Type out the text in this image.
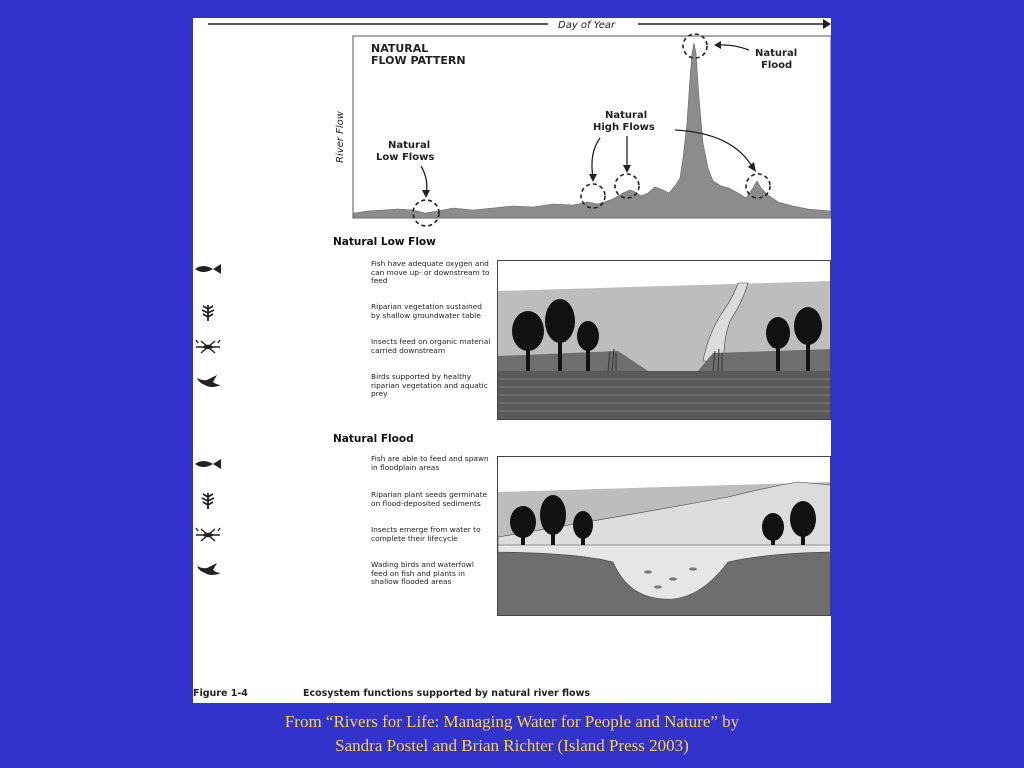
Day of Year
River Flow
NATURAL
FLOW PATTERN
Natural
Flood
Natural
High Flows
Natural
Low Flows
Natural Low Flow
Fish have adequate oxygen and can move up- or downstream to feed
Riparian vegetation sustained by shallow groundwater table
Insects feed on organic material carried downstream
Birds supported by healthy riparian vegetation and aquatic prey
Natural Flood
Fish are able to feed and spawn in floodplain areas
Riparian plant seeds germinate on flood-deposited sediments
Insects emerge from water to complete their lifecycle
Wading birds and waterfowl feed on fish and plants in shallow flooded areas
Figure 1-4	Ecosystem functions supported by natural river flows
From “Rivers for Life: Managing Water for People and Nature” by
Sandra Postel and Brian Richter (Island Press 2003)
